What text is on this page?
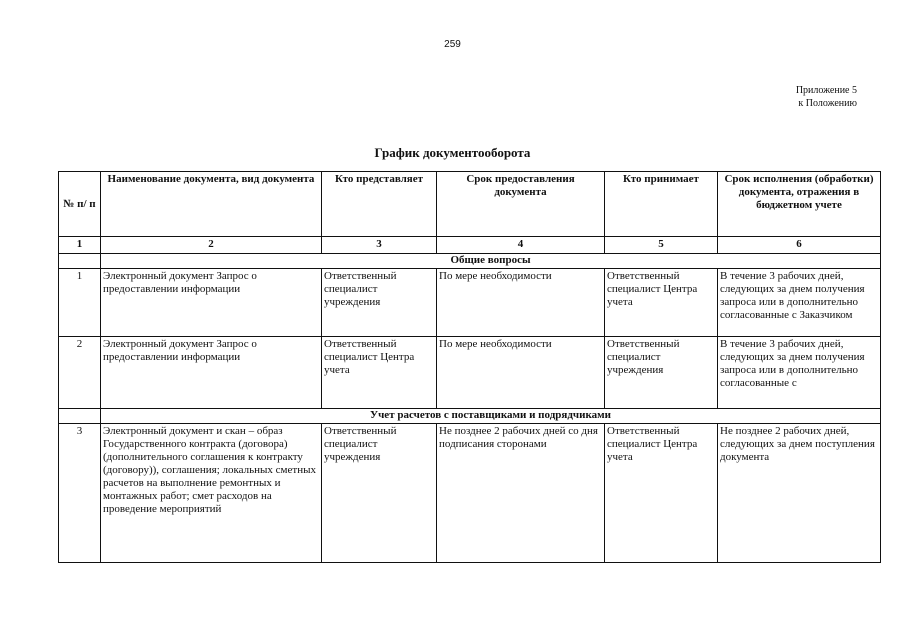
259
Приложение 5
к Положению
График документооборота
№ п/ п	Наименование документа, вид документа	Кто представляет	Срок предоставления документа	Кто принимает	Срок исполнения (обработки) документа, отражения в бюджетном учете
1	2	3	4	5	6
	Общие вопросы				
1	Электронный документ Запрос о предоставлении информации	Ответственный специалист учреждения	По мере необходимости	Ответственный специалист Центра учета	В течение 3 рабочих дней, следующих за днем получения запроса или в дополнительно согласованные с Заказчиком
2	Электронный документ Запрос о предоставлении информации	Ответственный специалист Центра учета	По мере необходимости	Ответственный специалист учреждения	В течение 3 рабочих дней, следующих за днем получения запроса или в дополнительно согласованные с
	Учет расчетов с поставщиками и подрядчиками				
3	Электронный документ и скан – образ Государственного контракта (договора) (дополнительного соглашения к контракту (договору)), соглашения; локальных сметных расчетов на выполнение ремонтных и монтажных работ; смет расходов на проведение мероприятий	Ответственный специалист учреждения	Не позднее 2 рабочих дней со дня подписания сторонами	Ответственный специалист Центра учета	Не позднее 2 рабочих дней, следующих за днем поступления документа
